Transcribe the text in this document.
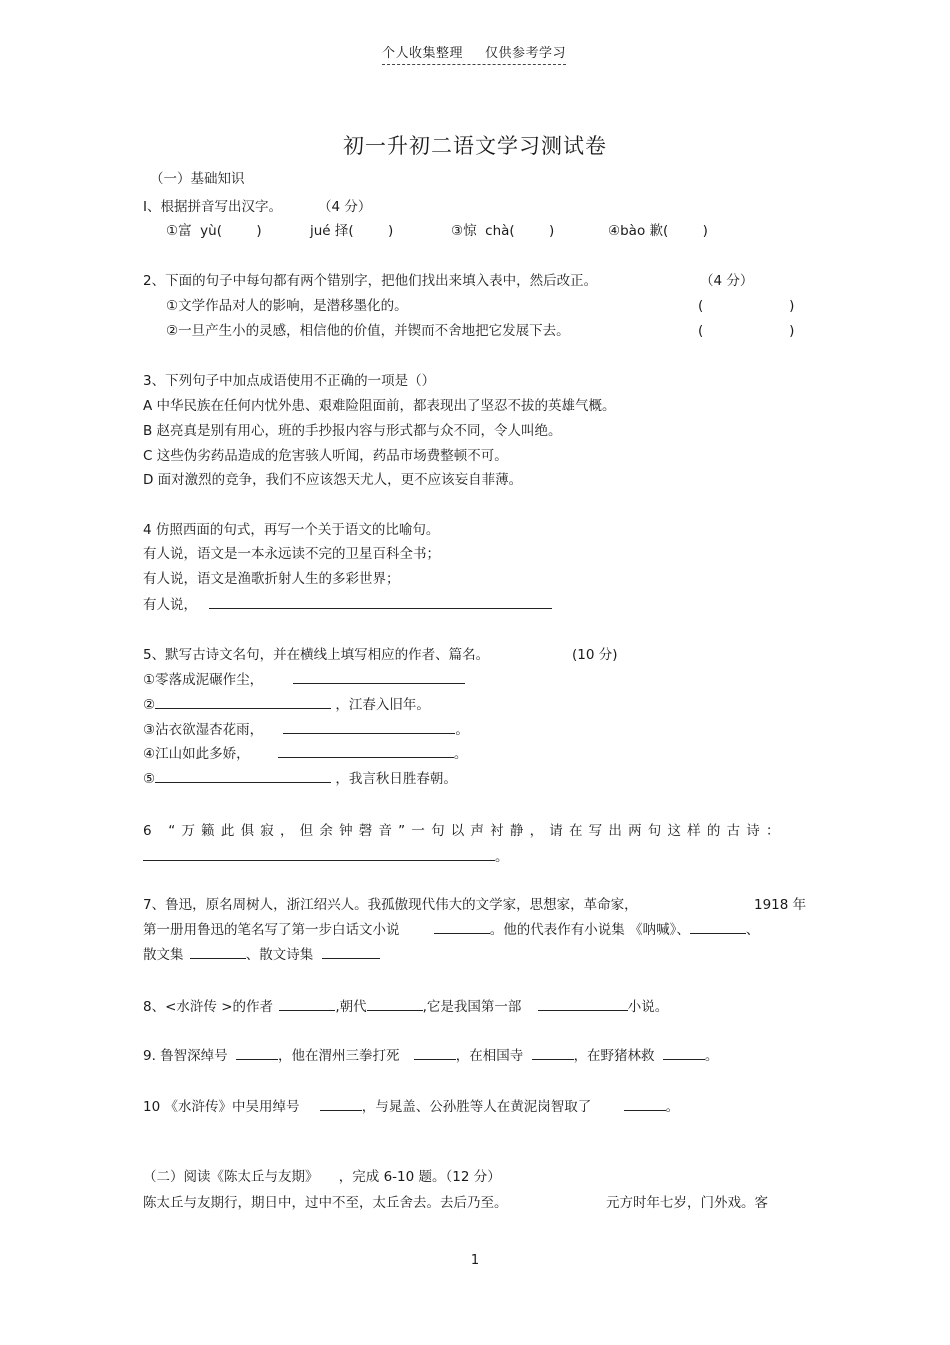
个人收集整理 仅供参考学习
初一升初二语文学习测试卷
（一）基础知识
I、根据拼音写出汉字。	（4 分）
①富  yù(        )	jué 择(        )	③惊  chà(        )	④bào 歉(        )
2、下面的句子中每句都有两个错别字，把他们找出来填入表中，然后改正。	（4 分）
①文学作品对人的影响，是潜移墨化的。	(                    )
②一旦产生小的灵感，相信他的价值，并锲而不舍地把它发展下去。	(                    )
3、下列句子中加点成语使用不正确的一项是（）
A 中华民族在任何内忧外患、艰难险阻面前，都表现出了坚忍不拔的英雄气概。
B 赵亮真是别有用心，班的手抄报内容与形式都与众不同，令人叫绝。
C 这些伪劣药品造成的危害骇人听闻，药品市场费整顿不可。
D 面对激烈的竞争，我们不应该怨天尤人，更不应该妄自菲薄。
4 仿照西面的句式，再写一个关于语文的比喻句。
有人说，语文是一本永远读不完的卫星百科全书；
有人说，语文是渔歌折射人生的多彩世界；
有人说，
5、默写古诗文名句，并在横线上填写相应的作者、篇名。	(10 分)
①零落成泥碾作尘，
②	，江春入旧年。
③沾衣欲湿杏花雨，	。
④江山如此多娇，	。
⑤	，我言秋日胜春朝。
6 “万籁此俱寂，但余钟磬音”一句以声衬静，请在写出两句这样的古诗：
。
7、鲁迅，原名周树人，浙江绍兴人。我孤傲现代伟大的文学家，思想家，革命家，	1918 年
第一册用鲁迅的笔名写了第一步白话文小说	。他的代表作有小说集 《呐喊》、	、
散文集	、散文诗集
8、<水浒传 >的作者	,朝代	,它是我国第一部	小说。
9. 鲁智深绰号	，他在渭州三拳打死	，在相国寺	，在野猪林救	。
10 《水浒传》中吴用绰号	，与晁盖、公孙胜等人在黄泥岗智取了	。
（二）阅读《陈太丘与友期》 ，完成 6-10 题。（12 分）
陈太丘与友期行，期日中，过中不至，太丘舍去。去后乃至。	元方时年七岁，门外戏。客
1
